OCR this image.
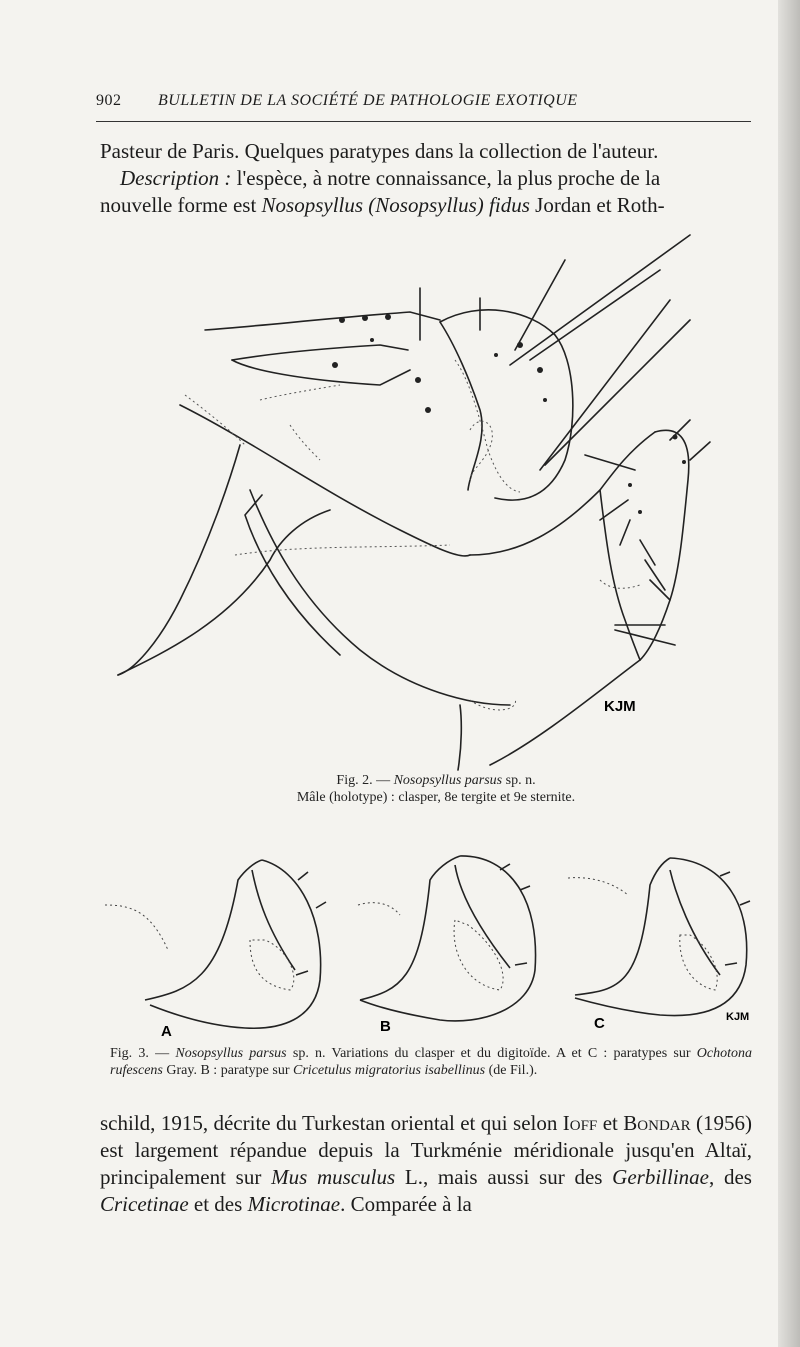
902 BULLETIN DE LA SOCIÉTÉ DE PATHOLOGIE EXOTIQUE

Pasteur de Paris. Quelques paratypes dans la collection de l'auteur.

Description : l'espèce, à notre connaissance, la plus proche de la

nouvelle forme est Nosopsyllus (Nosopsyllus) fidus Jordan et Roth-

KJM
Fig. 2. — Nosopsyllus parsus sp. n.
Mâle (holotype) : clasper, 8e tergite et 9e sternite.
A	B	C	KJM
Fig. 3. — Nosopsyllus parsus sp. n. Variations du clasper et du digitoïde. A et C : paratypes sur Ochotona rufescens Gray. B : paratype sur Cricetulus migratorius isabellinus (de Fil.).

schild, 1915, décrite du Turkestan oriental et qui selon Ioff et Bondar (1956) est largement répandue depuis la Turkménie méridionale jusqu'en Altaï, principalement sur Mus musculus L., mais aussi sur des Gerbillinae, des Cricetinae et des Microtinae. Comparée à la
